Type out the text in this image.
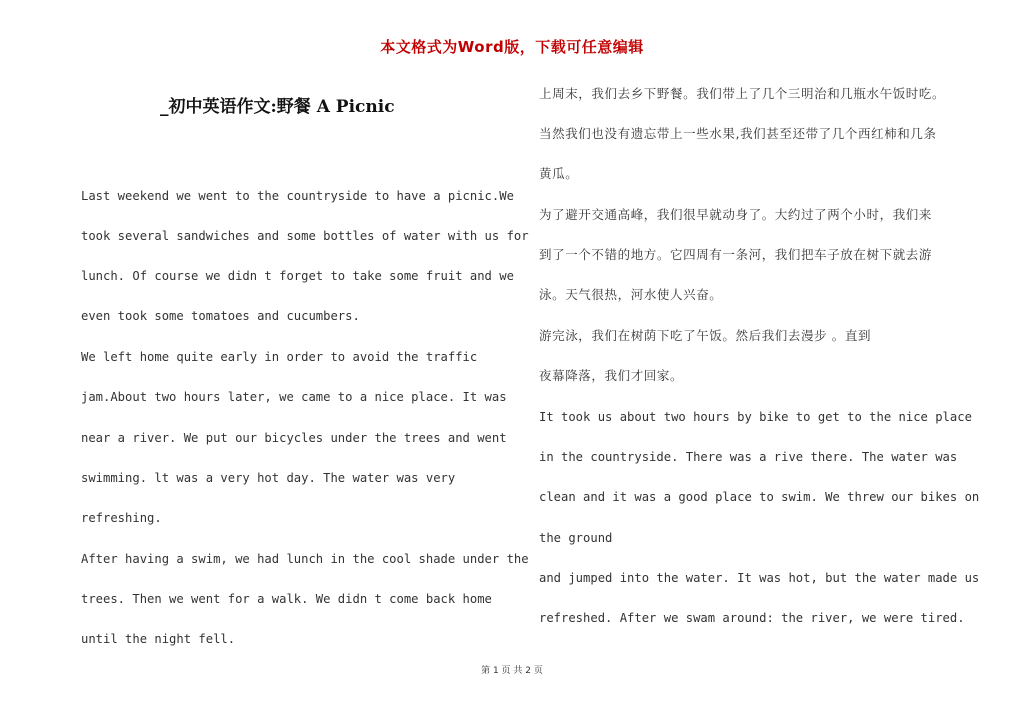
本文格式为Word版，下载可任意编辑
_初中英语作文:野餐 A Picnic
Last weekend we went to the countryside to have a picnic.We
took several sandwiches and some bottles of water with us for
lunch. Of course we didn t forget to take some fruit and we
even took some tomatoes and cucumbers.
We left home quite early in order to avoid the traffic
jam.About two hours later, we came to a nice place. It was
near a river. We put our bicycles under the trees and went
swimming. lt was a very hot day. The water was very
refreshing.
After having a swim, we had lunch in the cool shade under the
trees. Then we went for a walk. We didn t come back home
until the night fell.
上周末，我们去乡下野餐。我们带上了几个三明治和几瓶水午饭时吃。
当然我们也没有遗忘带上一些水果,我们甚至还带了几个西红柿和几条
黄瓜。
为了避开交通高峰，我们很早就动身了。大约过了两个小时，我们来
到了一个不错的地方。它四周有一条河，我们把车子放在树下就去游
泳。天气很热，河水使人兴奋。
游完泳，我们在树荫下吃了午饭。然后我们去漫步 。直到
夜幕降落，我们才回家。
It took us about two hours by bike to get to the nice place
in the countryside. There was a rive there. The water was
clean and it was a good place to swim. We threw our bikes on
the ground
and jumped into the water. It was hot, but the water made us
refreshed. After we swam around: the river, we were tired.
第 1 页 共 2 页
